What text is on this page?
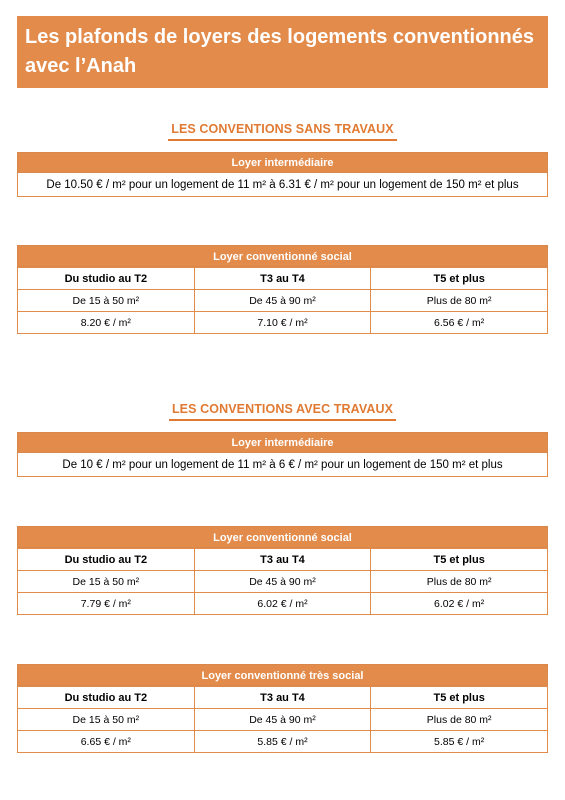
Les plafonds de loyers des logements conventionnés avec l’Anah

LES CONVENTIONS SANS TRAVAUX
Loyer intermédiaire
De 10.50 € / m² pour un logement de 11 m² à 6.31 € / m² pour un logement de 150 m² et plus
Loyer conventionné social
Du studio au T2	T3 au T4	T5 et plus
De 15 à 50 m²	De 45 à 90 m²	Plus de 80 m²
8.20 € / m²	7.10 € / m²	6.56 € / m²
LES CONVENTIONS AVEC TRAVAUX
Loyer intermédiaire
De 10 € / m² pour un logement de 11 m² à 6 € / m² pour un logement de 150 m² et plus
Loyer conventionné social
Du studio au T2	T3 au T4	T5 et plus
De 15 à 50 m²	De 45 à 90 m²	Plus de 80 m²
7.79 € / m²	6.02 € / m²	6.02 € / m²
Loyer conventionné très social
Du studio au T2	T3 au T4	T5 et plus
De 15 à 50 m²	De 45 à 90 m²	Plus de 80 m²
6.65 € / m²	5.85 € / m²	5.85 € / m²
